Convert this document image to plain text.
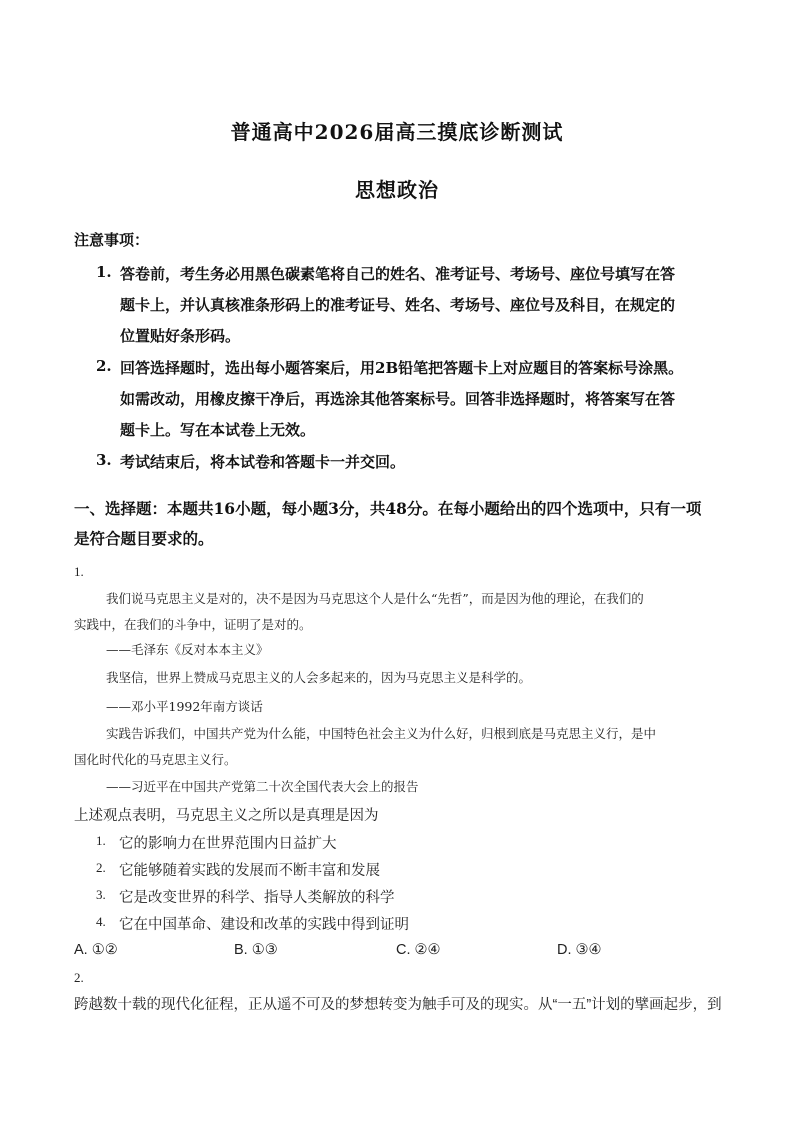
普通高中2026届高三摸底诊断测试
思想政治
注意事项：
1. 答卷前，考生务必用黑色碳素笔将自己的姓名、准考证号、考场号、座位号填写在答
题卡上，并认真核准条形码上的准考证号、姓名、考场号、座位号及科目，在规定的
位置贴好条形码。
2. 回答选择题时，选出每小题答案后，用2B铅笔把答题卡上对应题目的答案标号涂黑。
如需改动，用橡皮擦干净后，再选涂其他答案标号。回答非选择题时，将答案写在答
题卡上。写在本试卷上无效。
3. 考试结束后，将本试卷和答题卡一并交回。
一、选择题：本题共16小题，每小题3分，共48分。在每小题给出的四个选项中，只有一项
是符合题目要求的。
1.
我们说马克思主义是对的，决不是因为马克思这个人是什么“先哲”，而是因为他的理论，在我们的
实践中，在我们的斗争中，证明了是对的。
——毛泽东《反对本本主义》
我坚信，世界上赞成马克思主义的人会多起来的，因为马克思主义是科学的。
——邓小平1992年南方谈话
实践告诉我们，中国共产党为什么能，中国特色社会主义为什么好，归根到底是马克思主义行，是中
国化时代化的马克思主义行。
——习近平在中国共产党第二十次全国代表大会上的报告
上述观点表明，马克思主义之所以是真理是因为
1. 它的影响力在世界范围内日益扩大
2. 它能够随着实践的发展而不断丰富和发展
3. 它是改变世界的科学、指导人类解放的科学
4. 它在中国革命、建设和改革的实践中得到证明
A. ①②	B. ①③	C. ②④	D. ③④
2.
跨越数十载的现代化征程，正从遥不可及的梦想转变为触手可及的现实。从“一五”计划的擘画起步，到
